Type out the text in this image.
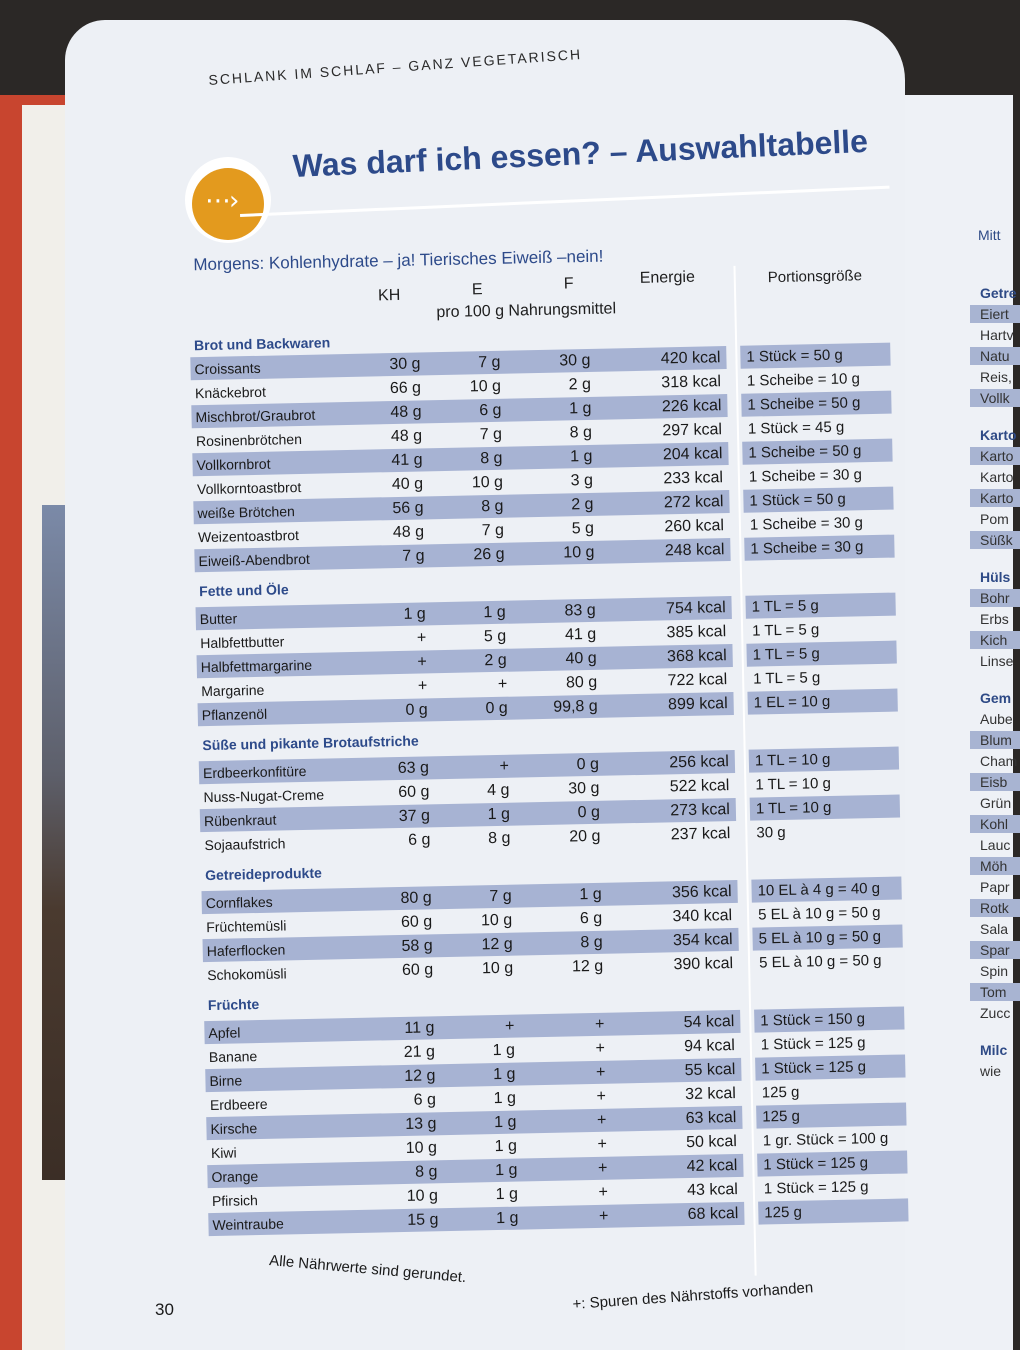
Mitt
Getre
Eiert
Hartv
Natu
Reis,
Vollk
Karto
Karto
Karto
Karto
Pom
Süßk
Hüls
Bohr
Erbs
Kich
Linse
Gem
Aube
Blum
Cham
Eisb
Grün
Kohl
Lauc
Möh
Papr
Rotk
Sala
Spar
Spin
Tom
Zucc
Milc
wie
SCHLANK IM SCHLAF – GANZ VEGETARISCH
⋯›
Was darf ich essen? – Auswahltabelle
Morgens: Kohlenhydrate – ja! Tierisches Eiweiß –nein!
KH	E	F	Energie	Portionsgröße
pro 100 g Nahrungsmittel
Brot und Backwaren
Croissants	30 g	7 g	30 g	420 kcal 1 Stück = 50 g
Knäckebrot	66 g	10 g	2 g	318 kcal 1 Scheibe = 10 g
Mischbrot/Graubrot	48 g	6 g	1 g	226 kcal 1 Scheibe = 50 g
Rosinenbrötchen	48 g	7 g	8 g	297 kcal 1 Stück = 45 g
Vollkornbrot	41 g	8 g	1 g	204 kcal 1 Scheibe = 50 g
Vollkorntoastbrot	40 g	10 g	3 g	233 kcal 1 Scheibe = 30 g
weiße Brötchen	56 g	8 g	2 g	272 kcal 1 Stück = 50 g
Weizentoastbrot	48 g	7 g	5 g	260 kcal 1 Scheibe = 30 g
Eiweiß-Abendbrot	7 g	26 g	10 g	248 kcal 1 Scheibe = 30 g
Fette und Öle
Butter	1 g	1 g	83 g	754 kcal 1 TL = 5 g
Halbfettbutter	+	5 g	41 g	385 kcal 1 TL = 5 g
Halbfettmargarine	+	2 g	40 g	368 kcal 1 TL = 5 g
Margarine	+	+	80 g	722 kcal 1 TL = 5 g
Pflanzenöl	0 g	0 g	99,8 g	899 kcal 1 EL = 10 g
Süße und pikante Brotaufstriche
Erdbeerkonfitüre	63 g	+	0 g	256 kcal 1 TL = 10 g
Nuss-Nugat-Creme	60 g	4 g	30 g	522 kcal 1 TL = 10 g
Rübenkraut	37 g	1 g	0 g	273 kcal 1 TL = 10 g
Sojaaufstrich	6 g	8 g	20 g	237 kcal 30 g
Getreideprodukte
Cornflakes	80 g	7 g	1 g	356 kcal 10 EL à 4 g = 40 g
Früchtemüsli	60 g	10 g	6 g	340 kcal 5 EL à 10 g = 50 g
Haferflocken	58 g	12 g	8 g	354 kcal 5 EL à 10 g = 50 g
Schokomüsli	60 g	10 g	12 g	390 kcal 5 EL à 10 g = 50 g
Früchte
Apfel	11 g	+	+	54 kcal 1 Stück = 150 g
Banane	21 g	1 g	+	94 kcal 1 Stück = 125 g
Birne	12 g	1 g	+	55 kcal 1 Stück = 125 g
Erdbeere	6 g	1 g	+	32 kcal 125 g
Kirsche	13 g	1 g	+	63 kcal 125 g
Kiwi	10 g	1 g	+	50 kcal 1 gr. Stück = 100 g
Orange	8 g	1 g	+	42 kcal 1 Stück = 125 g
Pfirsich	10 g	1 g	+	43 kcal 1 Stück = 125 g
Weintraube	15 g	1 g	+	68 kcal 125 g
Alle Nährwerte sind gerundet.
+: Spuren des Nährstoffs vorhanden
30
